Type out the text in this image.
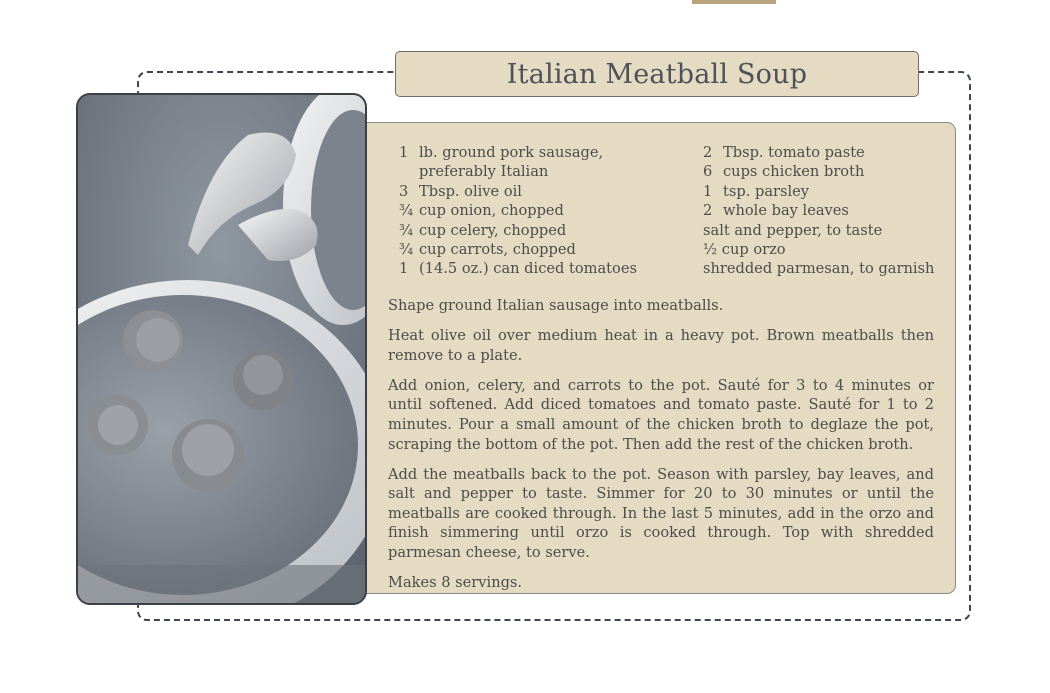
Italian Meatball Soup
1 lb. ground pork sausage,
preferably Italian
3 Tbsp. olive oil
¾ cup onion, chopped
¾ cup celery, chopped
¾ cup carrots, chopped
1 (14.5 oz.) can diced tomatoes
2 Tbsp. tomato paste
6 cups chicken broth
1 tsp. parsley
2 whole bay leaves
salt and pepper, to taste
½ cup orzo
shredded parmesan, to garnish

Shape ground Italian sausage into meatballs.

Heat olive oil over medium heat in a heavy pot. Brown meatballs then remove to a plate.

Add onion, celery, and carrots to the pot. Sauté for 3 to 4 minutes or until softened. Add diced tomatoes and tomato paste. Sauté for 1 to 2 minutes. Pour a small amount of the chicken broth to deglaze the pot, scraping the bottom of the pot. Then add the rest of the chicken broth.

Add the meatballs back to the pot. Season with parsley, bay leaves, and salt and pepper to taste. Simmer for 20 to 30 minutes or until the meatballs are cooked through. In the last 5 minutes, add in the orzo and finish simmering until orzo is cooked through. Top with shredded parmesan cheese, to serve.

Makes 8 servings.
